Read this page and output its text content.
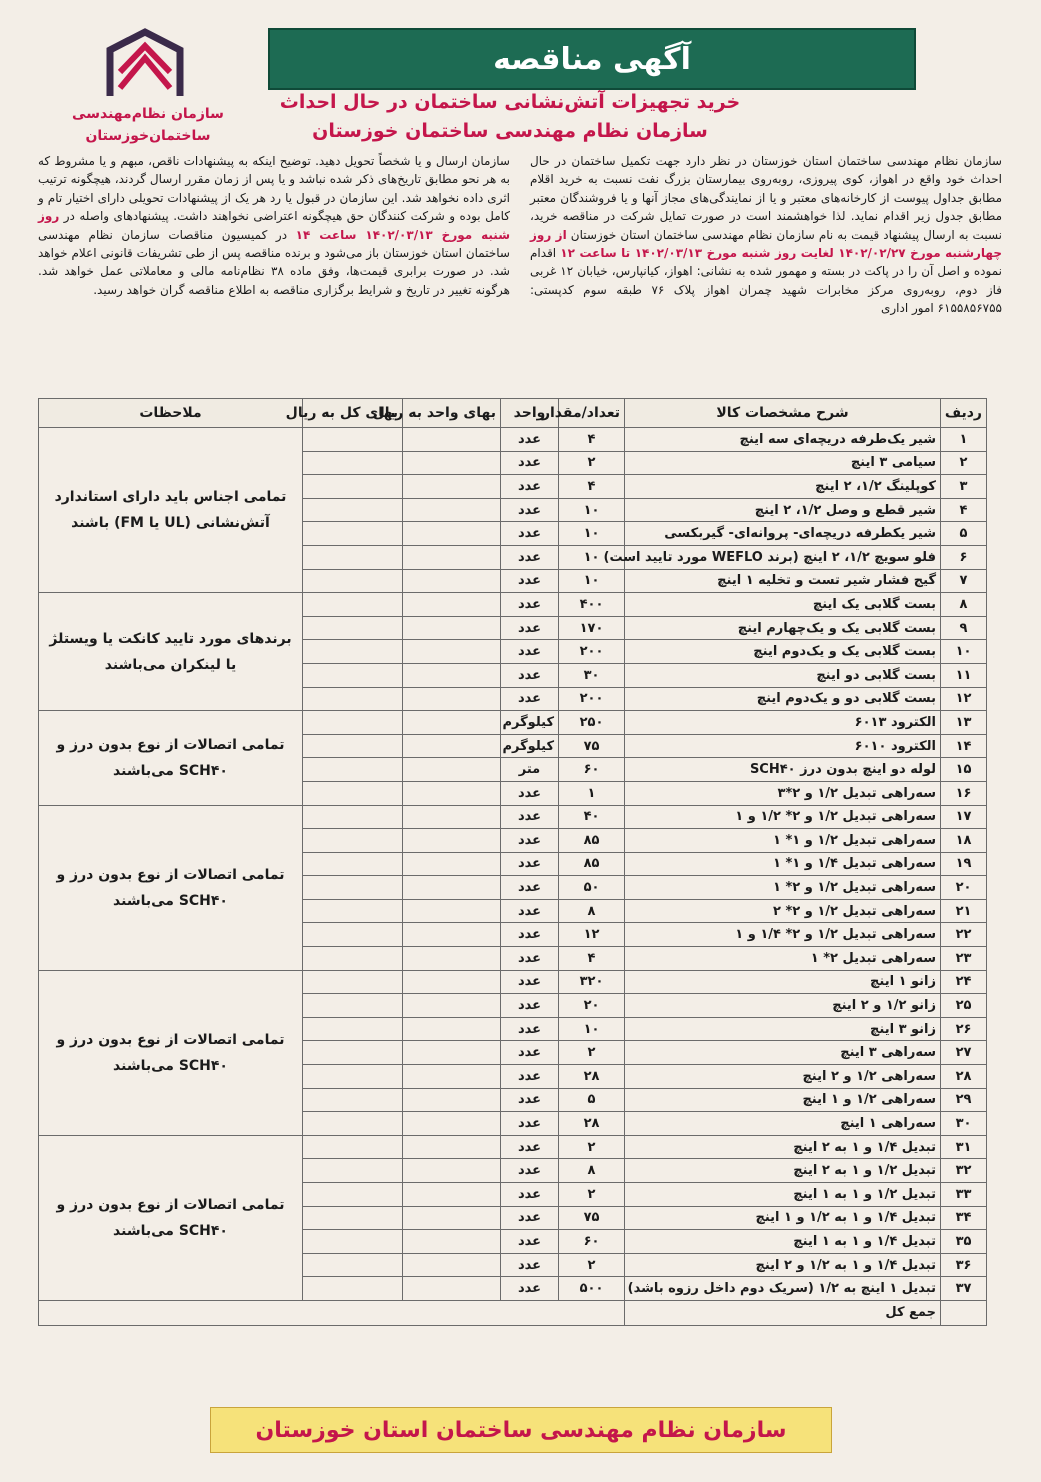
سازمان نظام‌مهندسی
ساختمان‌خوزستان
آگهی مناقصه
خرید تجهیزات آتش‌نشانی ساختمان در حال احداث
سازمان نظام مهندسی ساختمان خوزستان
سازمان نظام مهندسی ساختمان استان خوزستان در نظر دارد جهت تکمیل ساختمان در حال احداث خود واقع در اهواز، کوی پیروزی، روبه‌روی بیمارستان بزرگ نفت نسبت به خرید اقلام مطابق جداول پیوست از کارخانه‌های معتبر و یا از نمایندگی‌های مجاز آنها و یا فروشندگان معتبر مطابق جدول زیر اقدام نماید. لذا خواهشمند است در صورت تمایل شرکت در مناقصه خرید، نسبت به ارسال پیشنهاد قیمت به نام سازمان نظام مهندسی ساختمان استان خوزستان از روز چهارشنبه مورخ ۱۴۰۲/۰۲/۲۷ لغایت روز شنبه مورخ ۱۴۰۲/۰۳/۱۳ تا ساعت ۱۲ اقدام نموده و اصل آن را در پاکت در بسته و مهمور شده به نشانی: اهواز، کیانپارس، خیابان ۱۲ غربی فاز دوم، روبه‌روی مرکز مخابرات شهید چمران اهواز پلاک ۷۶ طبقه سوم کدپستی: ۶۱۵۵۸۵۶۷۵۵ امور اداری
سازمان ارسال و یا شخصاً تحویل دهید. توضیح اینکه به پیشنهادات ناقص، مبهم و یا مشروط که به هر نحو مطابق تاریخ‌های ذکر شده نباشد و یا پس از زمان مقرر ارسال گردند، هیچگونه ترتیب اثری داده نخواهد شد. این سازمان در قبول یا رد هر یک از پیشنهادات تحویلی دارای اختیار تام و کامل بوده و شرکت کنندگان حق هیچگونه اعتراضی نخواهند داشت. پیشنهادهای واصله در روز شنبه مورخ ۱۴۰۲/۰۳/۱۳ ساعت ۱۴ در کمیسیون مناقصات سازمان نظام مهندسی ساختمان استان خوزستان باز می‌شود و برنده مناقصه پس از طی تشریفات قانونی اعلام خواهد شد. در صورت برابری قیمت‌ها، وفق ماده ۳۸ نظام‌نامه مالی و معاملاتی عمل خواهد شد. هرگونه تغییر در تاریخ و شرایط برگزاری مناقصه به اطلاع مناقصه گران خواهد رسید.
ردیف	شرح مشخصات کالا	تعداد/مقدار	واحد	بهای واحد به ریال	بهای کل به ریال	ملاحظات
۱	شیر یک‌طرفه دریچه‌ای سه اینچ	۴	عدد			تمامی اجناس باید دارای استاندارد آتش‌نشانی (UL یا FM) باشند
۲	سیامی ۳ اینچ	۲	عدد			
۳	کوپلینگ ۱/۲، ۲ اینچ	۴	عدد			
۴	شیر قطع و وصل ۱/۲، ۲ اینچ	۱۰	عدد			
۵	شیر یکطرفه دریچه‌ای- پروانه‌ای- گیربکسی	۱۰	عدد			
۶	فلو سویچ ۱/۲، ۲ اینچ (برند WEFLO مورد تایید است)	۱۰	عدد			
۷	گیج فشار شیر تست و تخلیه ۱ اینچ	۱۰	عدد			
۸	بست گلابی یک اینچ	۴۰۰	عدد			برندهای مورد تایید کانکت یا ویستلژ یا لینکران می‌باشند
۹	بست گلابی یک و یک‌چهارم اینچ	۱۷۰	عدد			
۱۰	بست گلابی یک و یک‌دوم اینچ	۲۰۰	عدد			
۱۱	بست گلابی دو اینچ	۳۰	عدد			
۱۲	بست گلابی دو و یک‌دوم اینچ	۲۰۰	عدد			
۱۳	الکترود ۶۰۱۳	۲۵۰	کیلوگرم			تمامی اتصالات از نوع بدون درز و SCH۴۰ می‌باشند
۱۴	الکترود ۶۰۱۰	۷۵	کیلوگرم			
۱۵	لوله دو اینچ بدون درز SCH۴۰	۶۰	متر			
۱۶	سه‌راهی تبدیل ۱/۲ و ۲*۳	۱	عدد			
۱۷	سه‌راهی تبدیل ۱/۲ و ۲* ۱/۲ و ۱	۴۰	عدد			تمامی اتصالات از نوع بدون درز و SCH۴۰ می‌باشند
۱۸	سه‌راهی تبدیل ۱/۲ و ۱* ۱	۸۵	عدد			
۱۹	سه‌راهی تبدیل ۱/۴ و ۱* ۱	۸۵	عدد			
۲۰	سه‌راهی تبدیل ۱/۲ و ۲* ۱	۵۰	عدد			
۲۱	سه‌راهی تبدیل ۱/۲ و ۲* ۲	۸	عدد			
۲۲	سه‌راهی تبدیل ۱/۲ و ۲* ۱/۴ و ۱	۱۲	عدد			
۲۳	سه‌راهی تبدیل ۲* ۱	۴	عدد			
۲۴	زانو ۱ اینچ	۳۲۰	عدد			تمامی اتصالات از نوع بدون درز و SCH۴۰ می‌باشند
۲۵	زانو ۱/۲ و ۲ اینچ	۲۰	عدد			
۲۶	زانو ۳ اینچ	۱۰	عدد			
۲۷	سه‌راهی ۳ اینچ	۲	عدد			
۲۸	سه‌راهی ۱/۲ و ۲ اینچ	۲۸	عدد			
۲۹	سه‌راهی ۱/۲ و ۱ اینچ	۵	عدد			
۳۰	سه‌راهی ۱ اینچ	۲۸	عدد			
۳۱	تبدیل ۱/۴ و ۱ به ۲ اینچ	۲	عدد			تمامی اتصالات از نوع بدون درز و SCH۴۰ می‌باشند
۳۲	تبدیل ۱/۲ و ۱ به ۲ اینچ	۸	عدد			
۳۳	تبدیل ۱/۲ و ۱ به ۱ اینچ	۲	عدد			
۳۴	تبدیل ۱/۴ و ۱ به ۱/۲ و ۱ اینچ	۷۵	عدد			
۳۵	تبدیل ۱/۴ و ۱ به ۱ اینچ	۶۰	عدد			
۳۶	تبدیل ۱/۴ و ۱ به ۱/۲ و ۲ اینچ	۲	عدد			
۳۷	تبدیل ۱ اینچ به ۱/۲ (سریک دوم داخل رزوه باشد)	۵۰۰	عدد			
	جمع کل					
سازمان نظام مهندسی ساختمان استان خوزستان
